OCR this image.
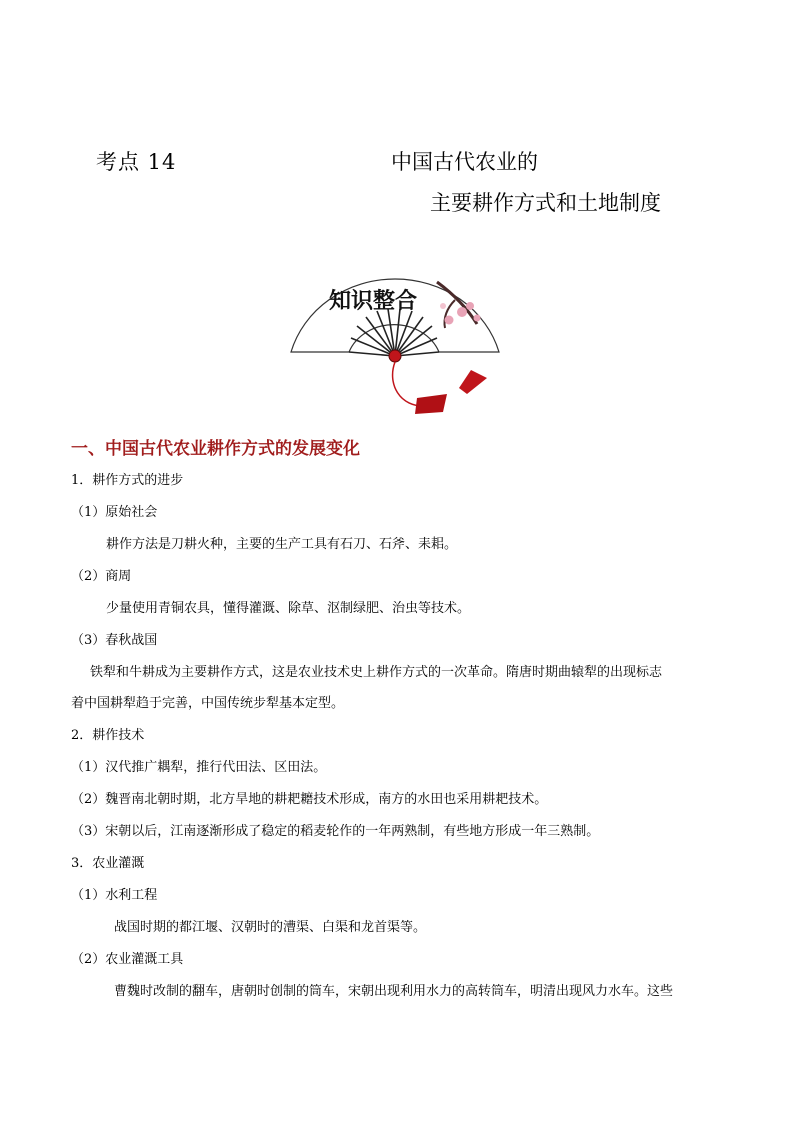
考点 14	中国古代农业的
主要耕作方式和土地制度
知识整合
一、中国古代农业耕作方式的发展变化
1．耕作方式的进步
（1）原始社会
耕作方法是刀耕火种，主要的生产工具有石刀、石斧、耒耜。
（2）商周
少量使用青铜农具，懂得灌溉、除草、沤制绿肥、治虫等技术。
（3）春秋战国
铁犁和牛耕成为主要耕作方式，这是农业技术史上耕作方式的一次革命。隋唐时期曲辕犁的出现标志
着中国耕犁趋于完善，中国传统步犁基本定型。
2．耕作技术
（1）汉代推广耦犁，推行代田法、区田法。
（2）魏晋南北朝时期，北方旱地的耕耙耱技术形成，南方的水田也采用耕耙技术。
（3）宋朝以后，江南逐渐形成了稳定的稻麦轮作的一年两熟制，有些地方形成一年三熟制。
3．农业灌溉
（1）水利工程
战国时期的都江堰、汉朝时的漕渠、白渠和龙首渠等。
（2）农业灌溉工具
曹魏时改制的翻车，唐朝时创制的筒车，宋朝出现利用水力的高转筒车，明清出现风力水车。这些
